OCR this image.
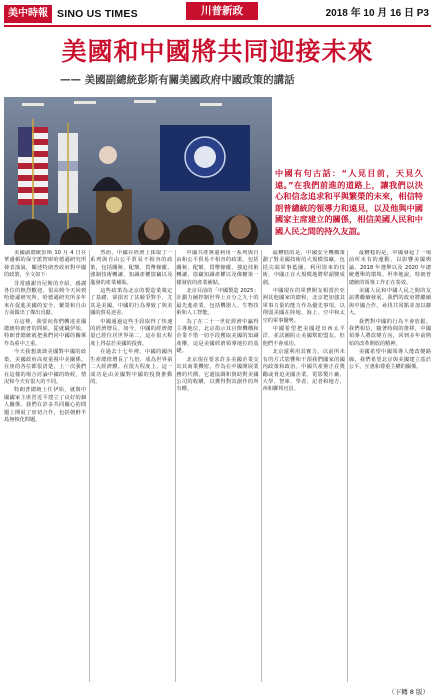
美中時報 SINO US TIMES	川普新政	2018 年 10 月 16 日 P3
美國和中國將共同迎接未來
—— 美國副總統彭斯有關美國政府中國政策的講話
中國有句古話：“人見目前，天見久遠。”在我們前進的道路上，讓我們以決心和信念追求和平與繁榮的未來，相信特朗普總統的領導力和遠見，以及他與中國國家主席建立的關係，相信美國人民和中國人民之間的持久友誼。

美國副總統彭斯 10 月 4 日在華盛頓的保守派智庫哈德遜研究所發表演說，闡述特朗普政府對中國的政策，全文如下：

非常感謝肯尼斯的介紹，感謝各位的熱烈歡迎。很高興今天回到哈德遜研究所。哈德遜研究所多年來在促進美國的安全、繁榮和自由方面做出了傑出貢獻。

在這裡，我要向你們轉達美國總統特朗普的問候。從就職伊始，特朗普總統就把我們同中國的關係作為重中之重。

今天我想談談美國對中國的政策。美國政府高度重視中美關係。在座的各位都很清楚，上一次我們在這樣的場合討論中國的時候，情況和今天有很大的不同。

特朗普總統上任伊始，就與中國國家主席習近平建立了良好的個人關係。我們在許多共同關心的問題上開展了密切合作，包括朝鮮半島無核化問題。

然而，中國在經濟上採取了一系列與自由公平貿易不相容的政策，包括關稅、配額、貨幣操縱、強制技術轉讓、知識產權盜竊以及濫發的產業補貼。

這些政策為北京的製造業奠定了基礎，卻損害了其競爭對手，尤其是美國。中國的行為導致了與美國的貿易逆差。

中國通過這些手段取得了快速的經濟增長。如今，中國的經濟總量已經位居世界第二，這在很大程度上得益於美國的投資。

在過去十七年裡，中國的國內生產總值增長了九倍，成為世界第二大經濟體。在很大程度上，這一成功是由美國對中國的投資推動的。

中國共產黨還利用一系列與自由和公平貿易不相容的政策，包括關稅、配額、貨幣操縱、強迫技術轉讓、盜竊知識產權以及像糖果一樣發放的產業補貼。

北京目前的「中國製造 2025」計劃力圖控制世界上百分之九十的最先進產業，包括機器人、生物技術和人工智能。

為了在二十一世紀經濟中贏得主導地位，北京指示其官僚機構和企業不惜一切手段獲取美國的知識產權，這是美國經濟領導地位的基礎。

北京現在要求許多美國企業交出其商業機密，作為在中國開展業務的代價。它還協調和資助對美國公司的收購，以獲得對其創作的所有權。

最糟糕的是，中國安全機構策劃了對美國技術的大規模盜竊，包括尖端軍事藍圖。利用盜來的技術，中國正在大規模地將犁頭變成劍。

中國現在的軍費開支相當於亞洲其他國家的總和，北京把加強其軍事力量的能力作為優先事項，以削弱美國在陸地、海上、空中和太空的軍事優勢。

中國希望把美國趕出西太平洋，並試圖阻止美國幫助盟友。但他們不會成功。

北京還利用其實力，以前所未有的方式影響和干預我們國家的國內政策和政治。中國共產黨正在獎勵或脅迫美國企業、電影製片廠、大學、智庫、學者、記者和地方、州和聯邦官員。

最糟糕的是，中國發起了一場前所未有的運動，以影響美國輿論、2018 年選舉以及 2020 年總統選舉的環境。坦率地說，特朗普總統的領導工作正在奏效。

美國人民和中國人民之間的友誼將繼續發展。我們的政府將繼續與中國合作，尋找共同點並加以擴大。

我們對中國的行為不會放鬆。我們相信，隨著時間的推移，中國領導人將改變方向，回到多年前開始的改革開放的精神。

美國希望中國領導人能改變路線，我們希望北京與美國建立基於公平、互惠和尊重主權的關係。

（下轉 8 版）
